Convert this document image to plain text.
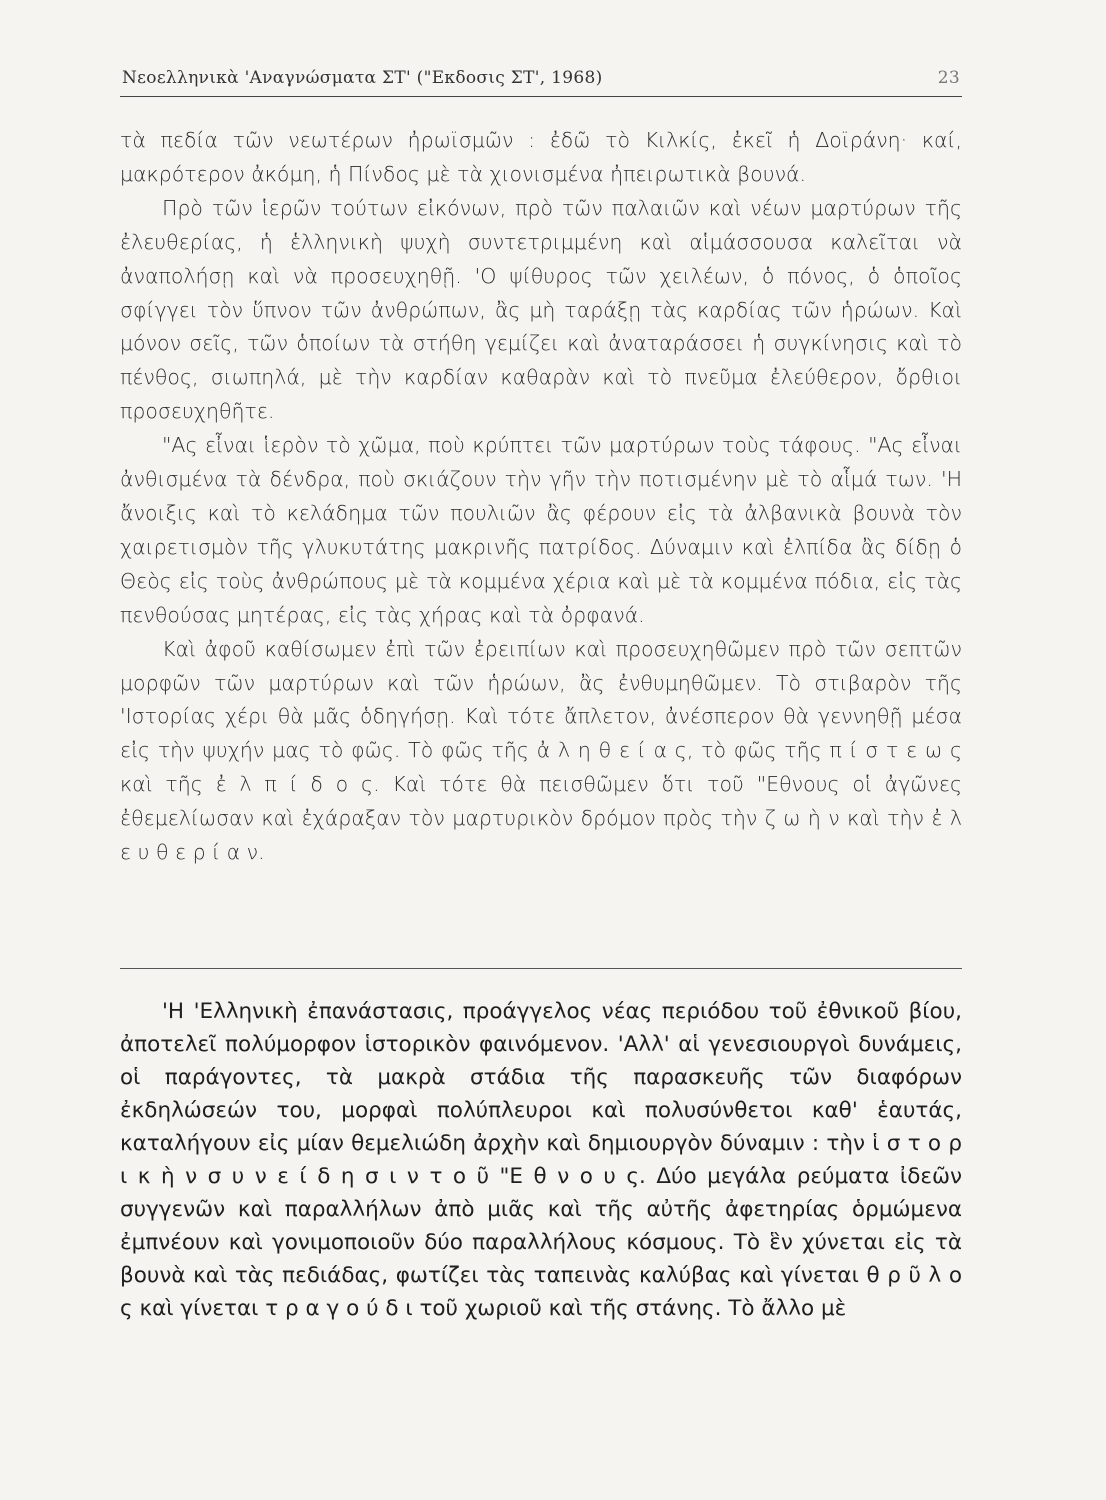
Νεοελληνικὰ 'Αναγνώσματα ΣΤ' ("Εκδοσις ΣΤ', 1968)	23

τὰ πεδία τῶν νεωτέρων ἠρωϊσμῶν : ἐδῶ τὸ Κιλκίς, ἐκεῖ ἡ Δοϊράνη· καί, μακρότερον ἀκόμη, ἡ Πίνδος μὲ τὰ χιονισμένα ἠπειρωτικὰ βουνά.

Πρὸ τῶν ἱερῶν τούτων εἰκόνων, πρὸ τῶν παλαιῶν καὶ νέων μαρτύρων τῆς ἐλευθερίας, ἡ ἑλληνικὴ ψυχὴ συντετριμμένη καὶ αἱμάσσουσα καλεῖται νὰ ἀναπολήσῃ καὶ νὰ προσευχηθῇ. 'Ο ψίθυρος τῶν χειλέων, ὁ πόνος, ὁ ὁποῖος σφίγγει τὸν ὕπνον τῶν ἀνθρώπων, ἂς μὴ ταράξῃ τὰς καρδίας τῶν ἡρώων. Καὶ μόνον σεῖς, τῶν ὁποίων τὰ στήθη γεμίζει καὶ ἀναταράσσει ἡ συγκίνησις καὶ τὸ πένθος, σιωπηλά, μὲ τὴν καρδίαν καθαρὰν καὶ τὸ πνεῦμα ἐλεύθερον, ὄρθιοι προσευχηθῆτε.

"Ας εἶναι ἱερὸν τὸ χῶμα, ποὺ κρύπτει τῶν μαρτύρων τοὺς τάφους. "Ας εἶναι ἀνθισμένα τὰ δένδρα, ποὺ σκιάζουν τὴν γῆν τὴν ποτισμένην μὲ τὸ αἷμά των. 'Η ἄνοιξις καὶ τὸ κελάδημα τῶν πουλιῶν ἂς φέρουν εἰς τὰ ἀλβανικὰ βουνὰ τὸν χαιρετισμὸν τῆς γλυκυτάτης μακρινῆς πατρίδος. Δύναμιν καὶ ἐλπίδα ἂς δίδῃ ὁ Θεὸς εἰς τοὺς ἀνθρώπους μὲ τὰ κομμένα χέρια καὶ μὲ τὰ κομμένα πόδια, εἰς τὰς πενθούσας μητέρας, εἰς τὰς χήρας καὶ τὰ ὀρφανά.

Καὶ ἀφοῦ καθίσωμεν ἐπὶ τῶν ἐρειπίων καὶ προσευχηθῶμεν πρὸ τῶν σεπτῶν μορφῶν τῶν μαρτύρων καὶ τῶν ἡρώων, ἂς ἐνθυμηθῶμεν. Τὸ στιβαρὸν τῆς 'Ιστορίας χέρι θὰ μᾶς ὁδηγήσῃ. Καὶ τότε ἄπλετον, ἀνέσπερον θὰ γεννηθῇ μέσα εἰς τὴν ψυχήν μας τὸ φῶς. Τὸ φῶς τῆς ἀ λ η θ ε ί α ς, τὸ φῶς τῆς π ί σ τ ε ω ς καὶ τῆς ἐ λ π ί δ ο ς. Καὶ τότε θὰ πεισθῶμεν ὅτι τοῦ "Εθνους οἱ ἀγῶνες ἐθεμελίωσαν καὶ ἐχάραξαν τὸν μαρτυρικὸν δρόμον πρὸς τὴν ζ ω ὴ ν καὶ τὴν ἐ λ ε υ θ ε ρ ί α ν.

'Η 'Ελληνικὴ ἐπανάστασις, προάγγελος νέας περιόδου τοῦ ἐθνικοῦ βίου, ἀποτελεῖ πολύμορφον ἱστορικὸν φαινόμενον. 'Αλλ' αἱ γενεσιουργοὶ δυνάμεις, οἱ παράγοντες, τὰ μακρὰ στάδια τῆς παρασκευῆς τῶν διαφόρων ἐκδηλώσεών του, μορφαὶ πολύπλευροι καὶ πολυσύνθετοι καθ' ἑαυτάς, καταλήγουν εἰς μίαν θεμελιώδη ἀρχὴν καὶ δημιουργὸν δύναμιν : τὴν ἱ σ τ ο ρ ι κ ὴ ν σ υ ν ε ί δ η σ ι ν τ ο ῦ "Ε θ ν ο υ ς. Δύο μεγάλα ρεύματα ἰδεῶν συγγενῶν καὶ παραλλήλων ἀπὸ μιᾶς καὶ τῆς αὐτῆς ἀφετηρίας ὁρμώμενα ἐμπνέουν καὶ γονιμοποιοῦν δύο παραλλήλους κόσμους. Τὸ ἓν χύνεται εἰς τὰ βουνὰ καὶ τὰς πεδιάδας, φωτίζει τὰς ταπεινὰς καλύβας καὶ γίνεται θ ρ ῦ λ ο ς καὶ γίνεται τ ρ α γ ο ύ δ ι τοῦ χωριοῦ καὶ τῆς στάνης. Τὸ ἄλλο μὲ
